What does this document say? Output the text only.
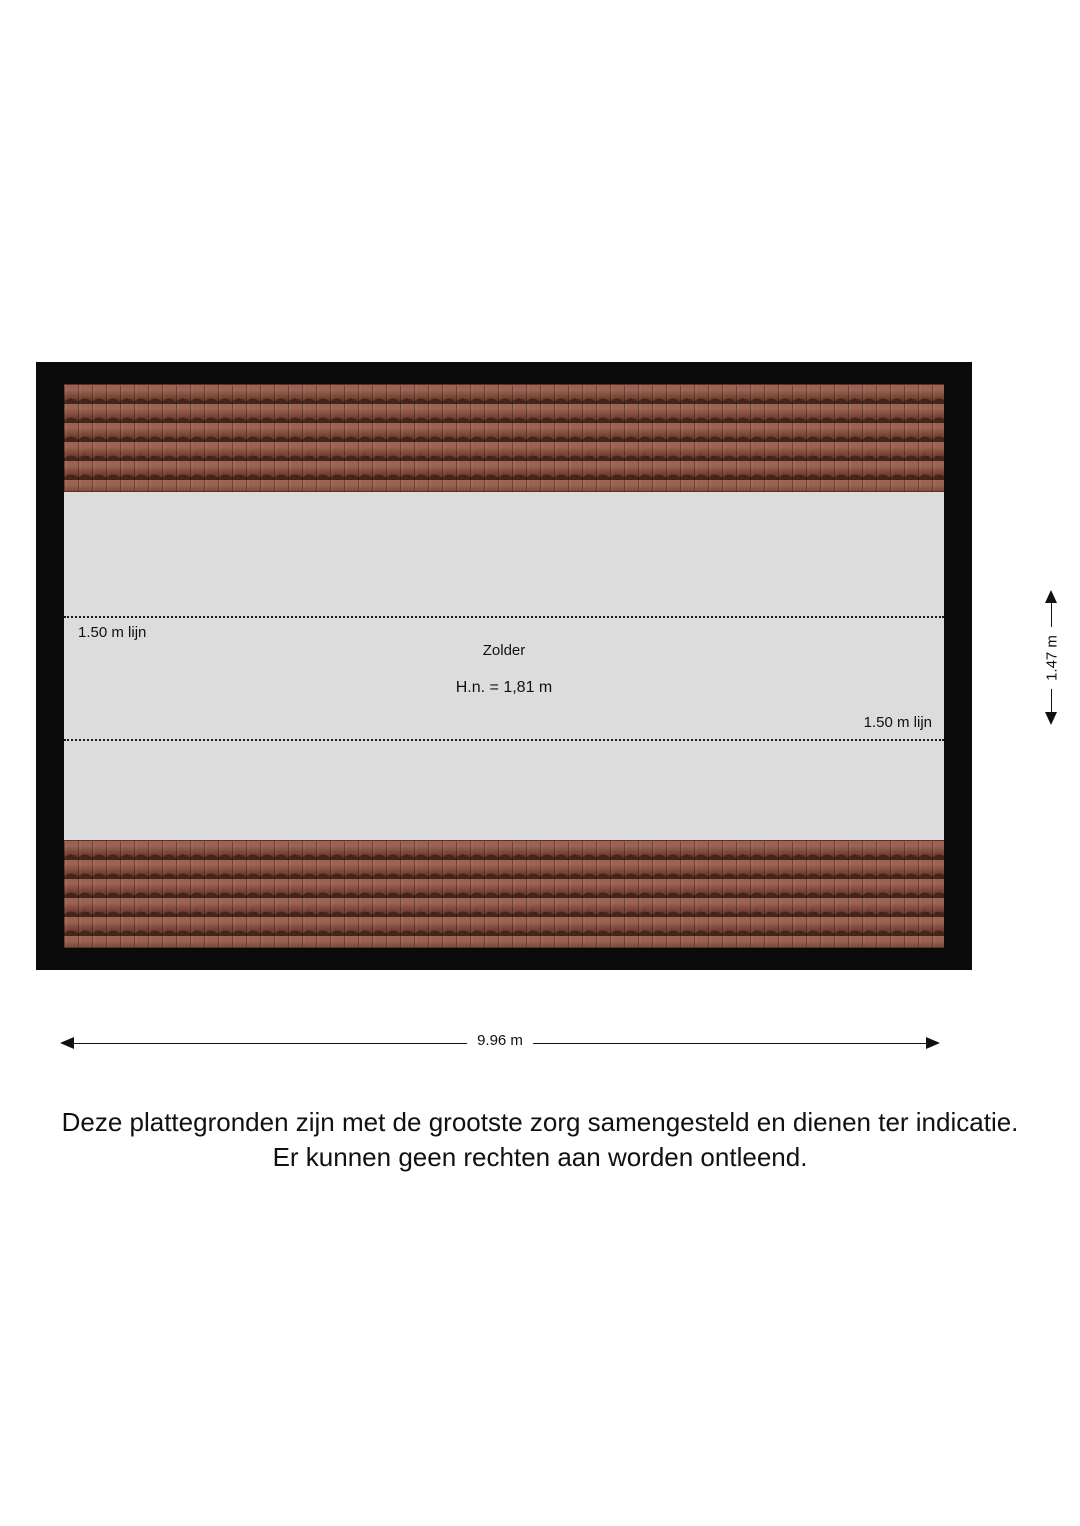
1.50 m lijn
1.50 m lijn
Zolder
H.n. = 1,81 m
9.96 m
1.47 m
Deze plattegronden zijn met de grootste zorg samengesteld en dienen ter indicatie.
Er kunnen geen rechten aan worden ontleend.
